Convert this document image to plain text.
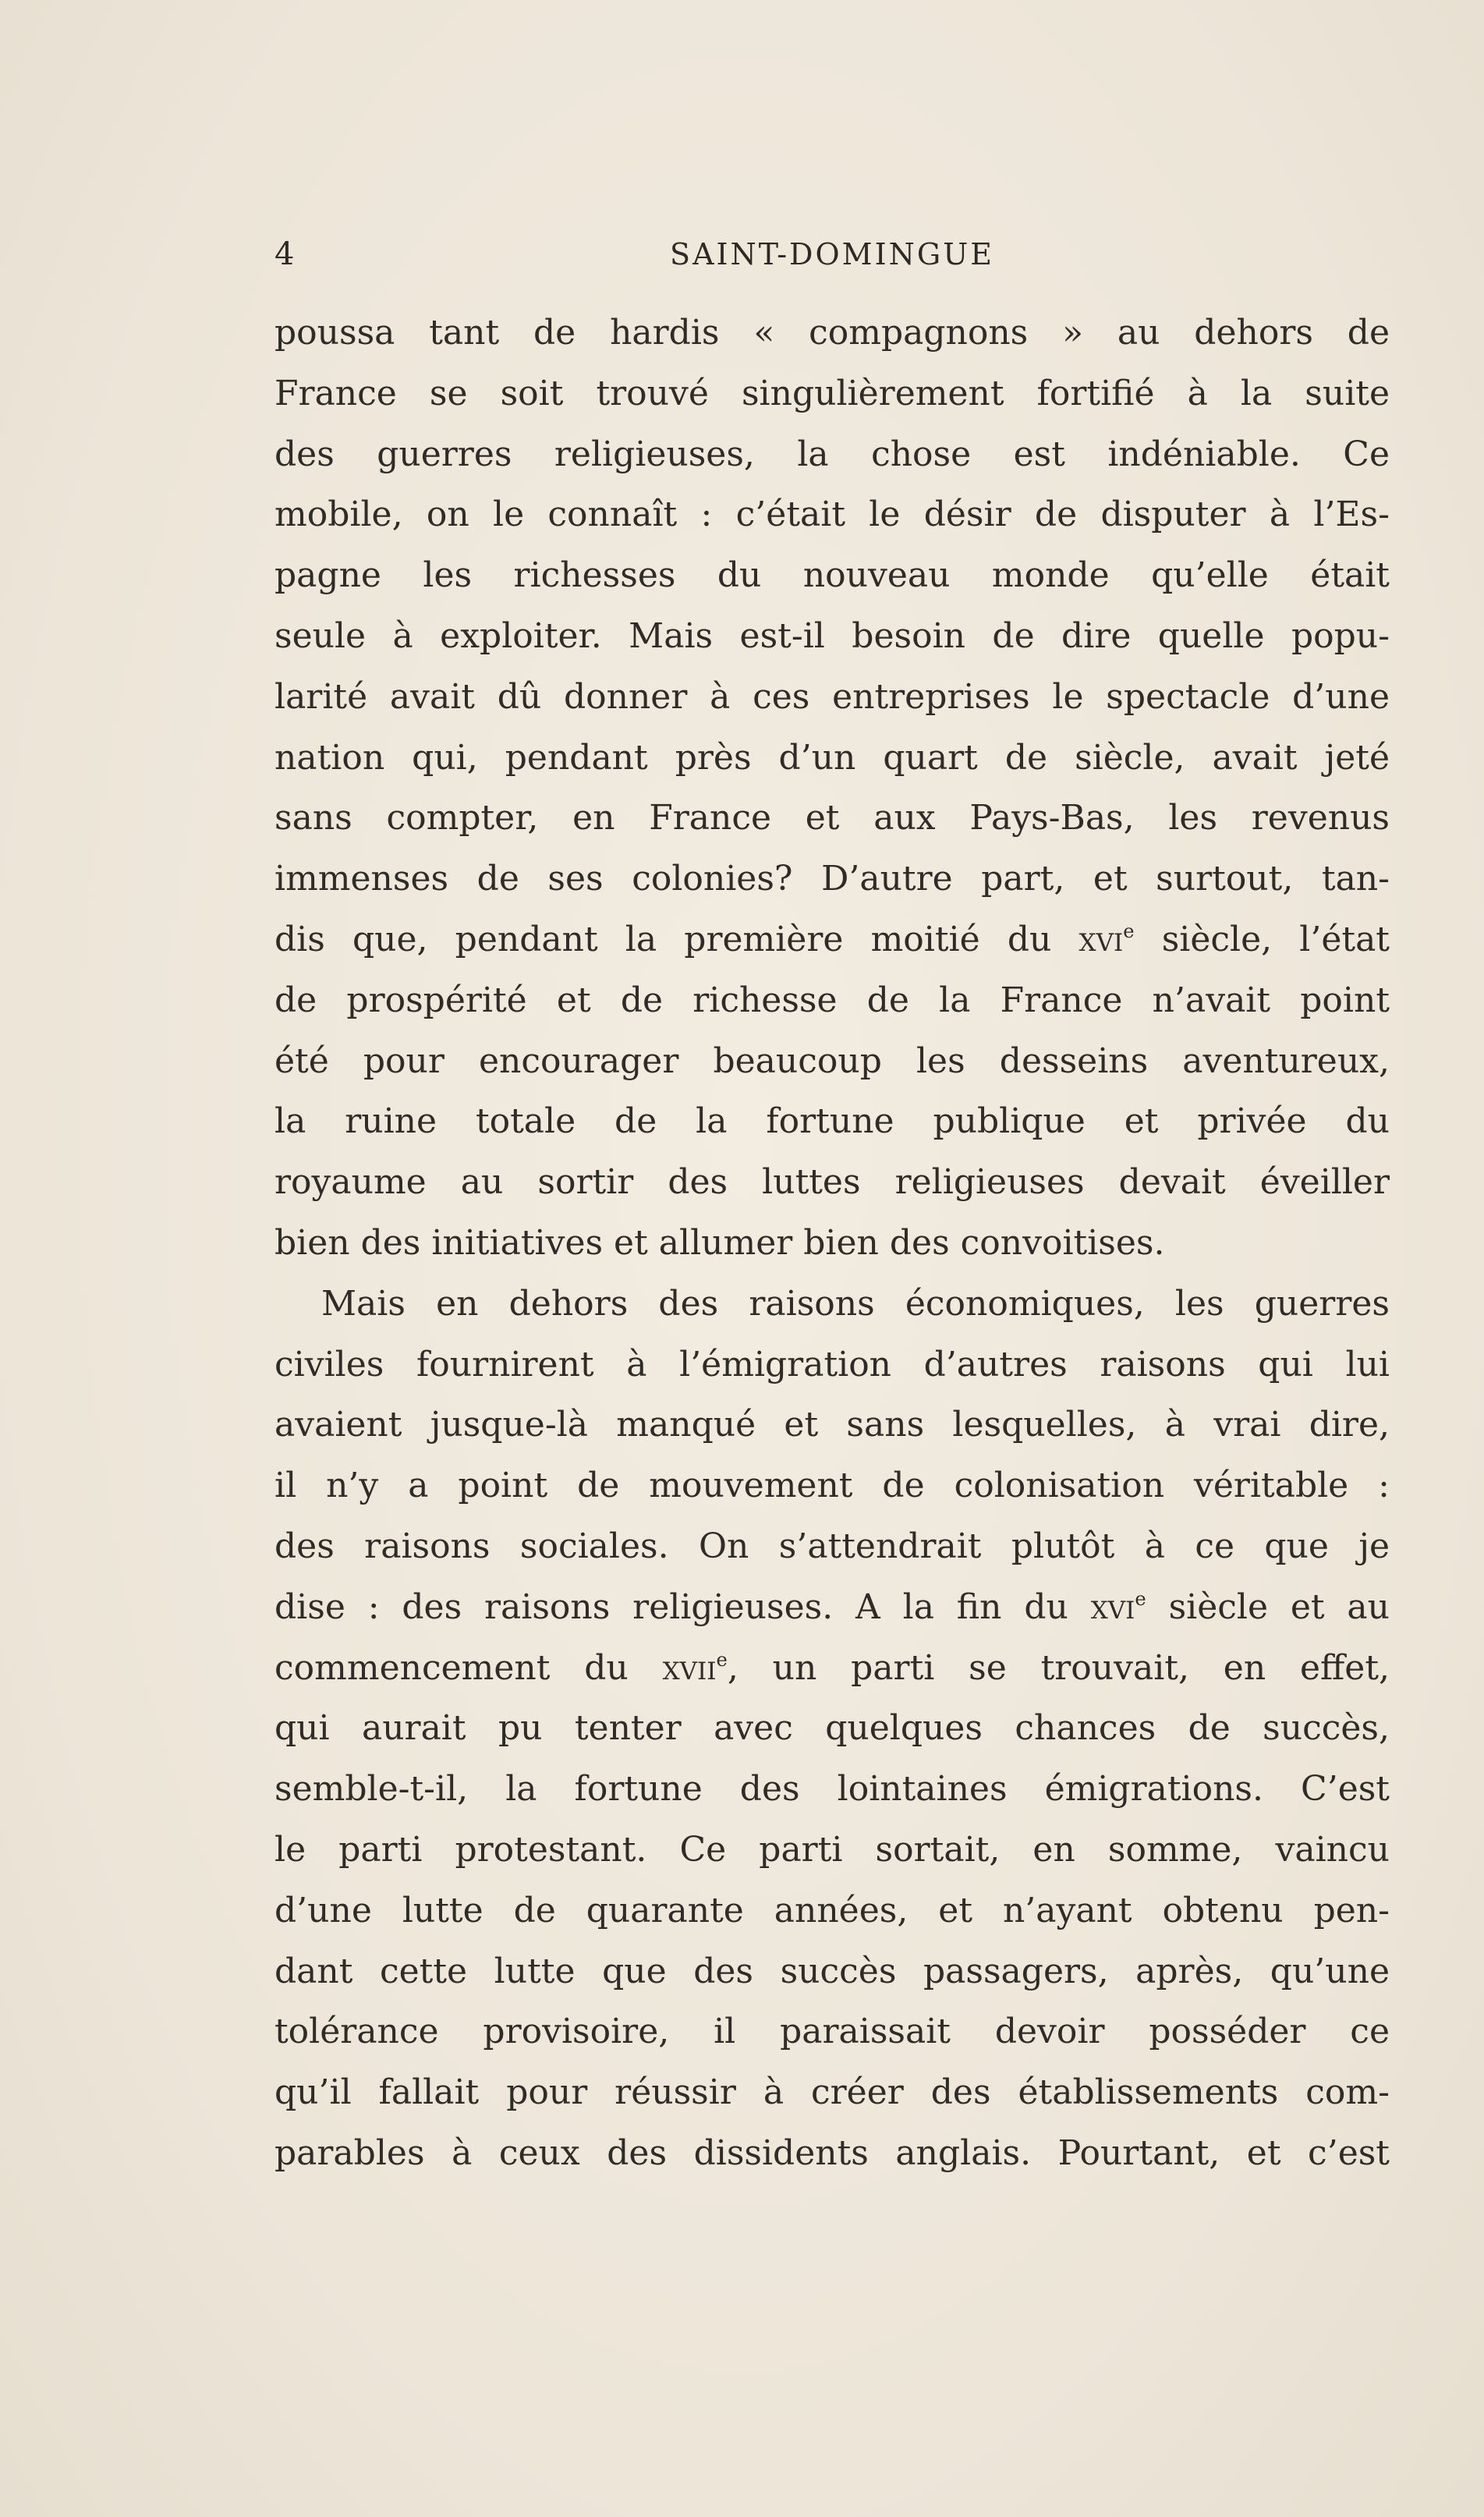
4	SAINT-DOMINGUE
poussa tant de hardis « compagnons » au dehors de
France se soit trouvé singulièrement fortifié à la suite
des guerres religieuses, la chose est indéniable. Ce
mobile, on le connaît : c’était le désir de disputer à l’Es-
pagne les richesses du nouveau monde qu’elle était
seule à exploiter. Mais est-il besoin de dire quelle popu-
larité avait dû donner à ces entreprises le spectacle d’une
nation qui, pendant près d’un quart de siècle, avait jeté
sans compter, en France et aux Pays-Bas, les revenus
immenses de ses colonies? D’autre part, et surtout, tan-
dis que, pendant la première moitié du xvi$^e$ siècle, l’état
de prospérité et de richesse de la France n’avait point
été pour encourager beaucoup les desseins aventureux,
la ruine totale de la fortune publique et privée du
royaume au sortir des luttes religieuses devait éveiller
bien des initiatives et allumer bien des convoitises.
Mais en dehors des raisons économiques, les guerres
civiles fournirent à l’émigration d’autres raisons qui lui
avaient jusque-là manqué et sans lesquelles, à vrai dire,
il n’y a point de mouvement de colonisation véritable :
des raisons sociales. On s’attendrait plutôt à ce que je
dise : des raisons religieuses. A la fin du xvi$^e$ siècle et au
commencement du xvii$^e$, un parti se trouvait, en effet,
qui aurait pu tenter avec quelques chances de succès,
semble-t-il, la fortune des lointaines émigrations. C’est
le parti protestant. Ce parti sortait, en somme, vaincu
d’une lutte de quarante années, et n’ayant obtenu pen-
dant cette lutte que des succès passagers, après, qu’une
tolérance provisoire, il paraissait devoir posséder ce
qu’il fallait pour réussir à créer des établissements com-
parables à ceux des dissidents anglais. Pourtant, et c’est
